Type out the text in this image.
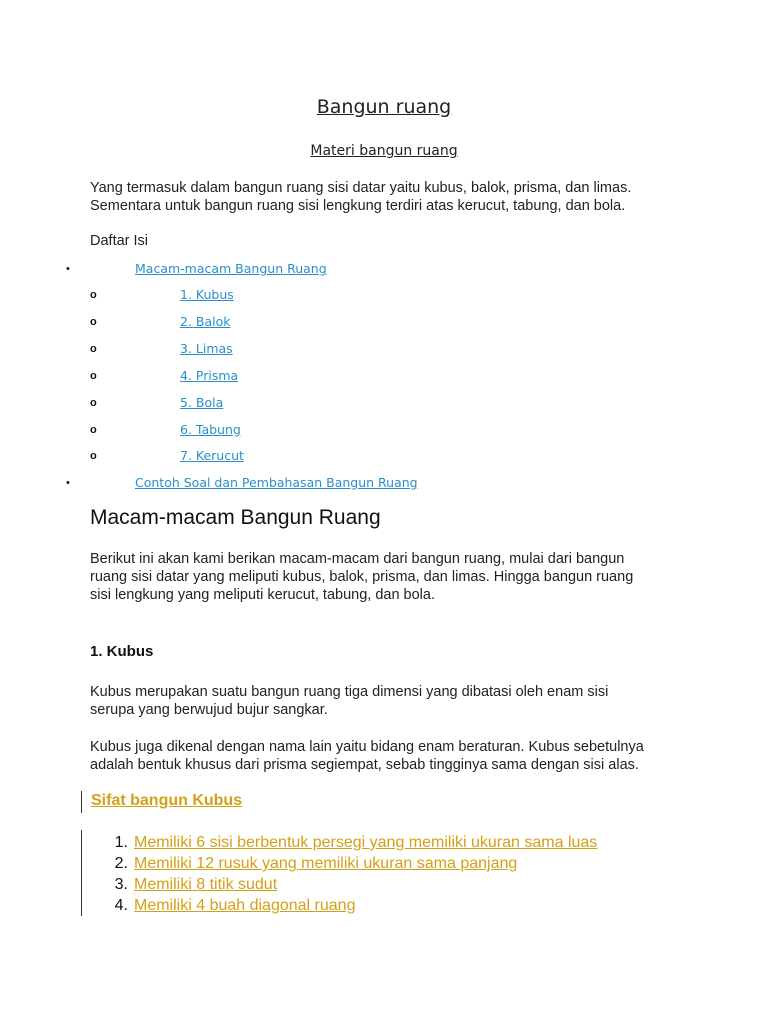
Bangun ruang
Materi bangun ruang
Yang termasuk dalam bangun ruang sisi datar yaitu kubus, balok, prisma, dan limas.
Sementara untuk bangun ruang sisi lengkung terdiri atas kerucut, tabung, dan bola.
Daftar Isi
•	Macam-macam Bangun Ruang
o	1. Kubus
o	2. Balok
o	3. Limas
o	4. Prisma
o	5. Bola
o	6. Tabung
o	7. Kerucut
•	Contoh Soal dan Pembahasan Bangun Ruang
Macam-macam Bangun Ruang
Berikut ini akan kami berikan macam-macam dari bangun ruang, mulai dari bangun
ruang sisi datar yang meliputi kubus, balok, prisma, dan limas. Hingga bangun ruang
sisi lengkung yang meliputi kerucut, tabung, dan bola.
1. Kubus
Kubus merupakan suatu bangun ruang tiga dimensi yang dibatasi oleh enam sisi
serupa yang berwujud bujur sangkar.
Kubus juga dikenal dengan nama lain yaitu bidang enam beraturan. Kubus sebetulnya
adalah bentuk khusus dari prisma segiempat, sebab tingginya sama dengan sisi alas.
Sifat bangun Kubus
1. Memiliki 6 sisi berbentuk persegi yang memiliki ukuran sama luas
2. Memiliki 12 rusuk yang memiliki ukuran sama panjang
3. Memiliki 8 titik sudut
4. Memiliki 4 buah diagonal ruang
